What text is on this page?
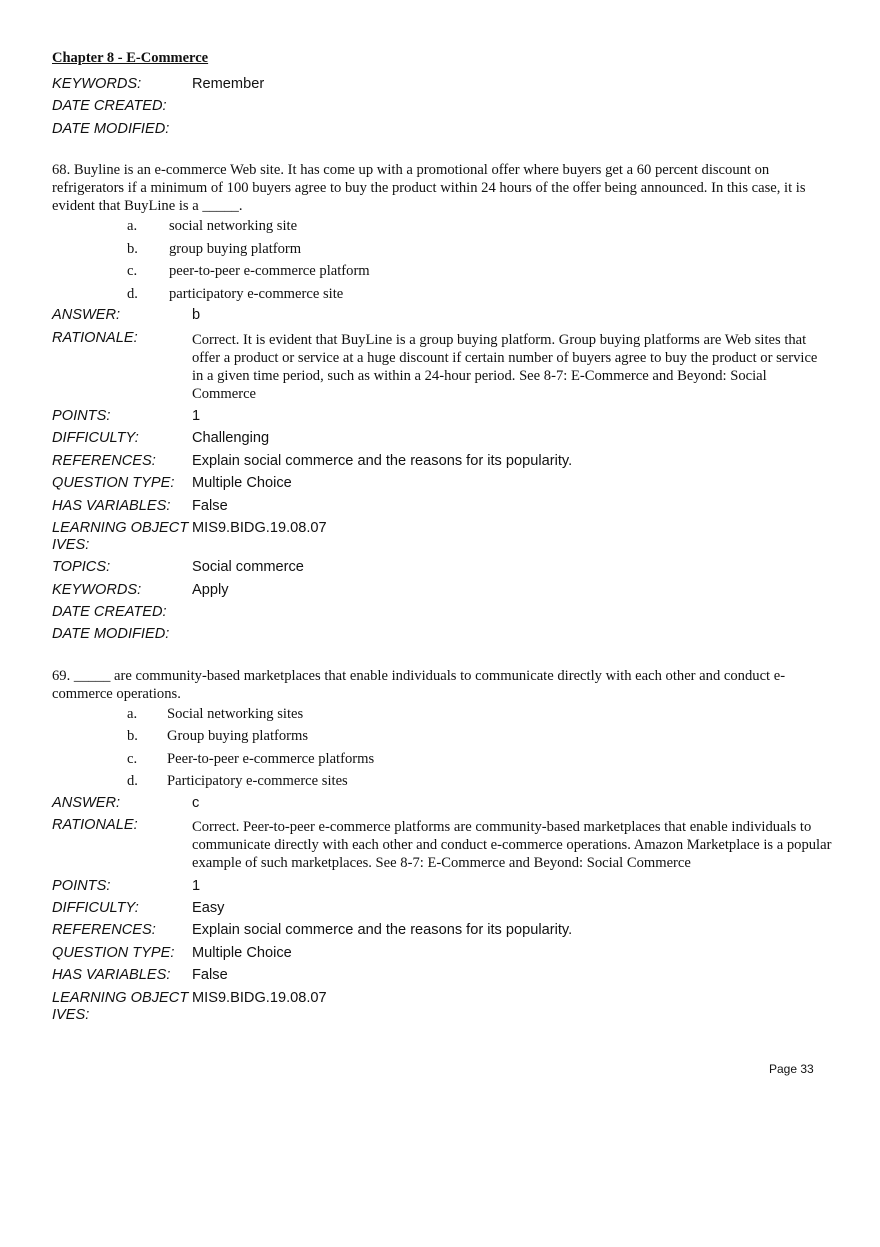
Chapter 8 - E-Commerce
KEYWORDS:	Remember
DATE CREATED:
DATE MODIFIED:
68. Buyline is an e-commerce Web site. It has come up with a promotional offer where buyers get a 60 percent discount on refrigerators if a minimum of 100 buyers agree to buy the product within 24 hours of the offer being announced. In this case, it is evident that BuyLine is a _____.
a.	social networking site
b.	group buying platform
c.	peer-to-peer e-commerce platform
d.	participatory e-commerce site
ANSWER:	b
RATIONALE:	Correct. It is evident that BuyLine is a group buying platform. Group buying platforms are Web sites that offer a product or service at a huge discount if certain number of buyers agree to buy the product or service in a given time period, such as within a 24-hour period. See 8-7: E-Commerce and Beyond: Social Commerce
POINTS:	1
DIFFICULTY:	Challenging
REFERENCES:	Explain social commerce and the reasons for its popularity.
QUESTION TYPE:	Multiple Choice
HAS VARIABLES:	False
LEARNING OBJECTIVES:
MIS9.BIDG.19.08.07
TOPICS:	Social commerce
KEYWORDS:	Apply
DATE CREATED:
DATE MODIFIED:
69. _____ are community-based marketplaces that enable individuals to communicate directly with each other and conduct e-commerce operations.
a.	Social networking sites
b.	Group buying platforms
c.	Peer-to-peer e-commerce platforms
d.	Participatory e-commerce sites
ANSWER:	c
RATIONALE:	Correct. Peer-to-peer e-commerce platforms are community-based marketplaces that enable individuals to communicate directly with each other and conduct e-commerce operations. Amazon Marketplace is a popular example of such marketplaces. See 8-7: E-Commerce and Beyond: Social Commerce
POINTS:	1
DIFFICULTY:	Easy
REFERENCES:	Explain social commerce and the reasons for its popularity.
QUESTION TYPE:	Multiple Choice
HAS VARIABLES:	False
LEARNING OBJECTIVES:
MIS9.BIDG.19.08.07
Page 33
